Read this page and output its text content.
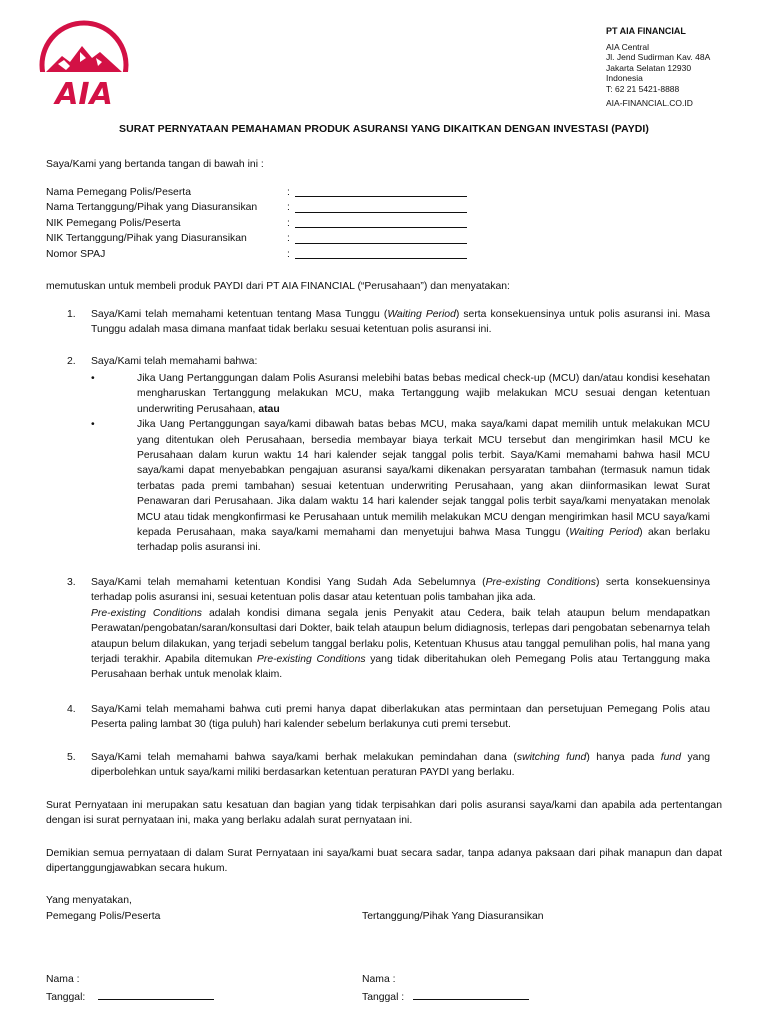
AIA
PT AIA FINANCIAL
AIA Central
Jl. Jend Sudirman Kav. 48A
Jakarta Selatan 12930
Indonesia
T: 62 21 5421-8888
AIA-FINANCIAL.CO.ID
SURAT PERNYATAAN PEMAHAMAN PRODUK ASURANSI YANG DIKAITKAN DENGAN INVESTASI (PAYDI)
Saya/Kami yang bertanda tangan di bawah ini :
Nama Pemegang Polis/Peserta	:
Nama Tertanggung/Pihak yang Diasuransikan	:
NIK Pemegang Polis/Peserta	:
NIK Tertanggung/Pihak yang Diasuransikan	:
Nomor SPAJ	:
memutuskan untuk membeli produk PAYDI dari PT AIA FINANCIAL (“Perusahaan”) dan menyatakan:
1. Saya/Kami telah memahami ketentuan tentang Masa Tunggu (Waiting Period) serta konsekuensinya untuk polis asuransi ini. Masa Tunggu adalah masa dimana manfaat tidak berlaku sesuai ketentuan polis asuransi ini.
2. Saya/Kami telah memahami bahwa:
•	Jika Uang Pertanggungan dalam Polis Asuransi melebihi batas bebas medical check-up (MCU) dan/atau kondisi kesehatan mengharuskan Tertanggung melakukan MCU, maka Tertanggung wajib melakukan MCU sesuai dengan ketentuan underwriting Perusahaan, atau
•	Jika Uang Pertanggungan saya/kami dibawah batas bebas MCU, maka saya/kami dapat memilih untuk melakukan MCU yang ditentukan oleh Perusahaan, bersedia membayar biaya terkait MCU tersebut dan mengirimkan hasil MCU ke Perusahaan dalam kurun waktu 14 hari kalender sejak tanggal polis terbit. Saya/Kami memahami bahwa hasil MCU saya/kami dapat menyebabkan pengajuan asuransi saya/kami dikenakan persyaratan tambahan (termasuk namun tidak terbatas pada premi tambahan) sesuai ketentuan underwriting Perusahaan, yang akan diinformasikan lewat Surat Penawaran dari Perusahaan. Jika dalam waktu 14 hari kalender sejak tanggal polis terbit saya/kami menyatakan menolak MCU atau tidak mengkonfirmasi ke Perusahaan untuk memilih melakukan MCU dengan mengirimkan hasil MCU saya/kami kepada Perusahaan, maka saya/kami memahami dan menyetujui bahwa Masa Tunggu (Waiting Period) akan berlaku terhadap polis asuransi ini.
3. Saya/Kami telah memahami ketentuan Kondisi Yang Sudah Ada Sebelumnya (Pre-existing Conditions) serta konsekuensinya terhadap polis asuransi ini, sesuai ketentuan polis dasar atau ketentuan polis tambahan jika ada.
Pre-existing Conditions adalah kondisi dimana segala jenis Penyakit atau Cedera, baik telah ataupun belum mendapatkan Perawatan/pengobatan/saran/konsultasi dari Dokter, baik telah ataupun belum didiagnosis, terlepas dari pengobatan sebenarnya telah ataupun belum dilakukan, yang terjadi sebelum tanggal berlaku polis, Ketentuan Khusus atau tanggal pemulihan polis, hal mana yang terjadi terakhir. Apabila ditemukan Pre-existing Conditions yang tidak diberitahukan oleh Pemegang Polis atau Tertanggung maka Perusahaan berhak untuk menolak klaim.
4. Saya/Kami telah memahami bahwa cuti premi hanya dapat diberlakukan atas permintaan dan persetujuan Pemegang Polis atau Peserta paling lambat 30 (tiga puluh) hari kalender sebelum berlakunya cuti premi tersebut.
5. Saya/Kami telah memahami bahwa saya/kami berhak melakukan pemindahan dana (switching fund) hanya pada fund yang diperbolehkan untuk saya/kami miliki berdasarkan ketentuan peraturan PAYDI yang berlaku.
Surat Pernyataan ini merupakan satu kesatuan dan bagian yang tidak terpisahkan dari polis asuransi saya/kami dan apabila ada pertentangan dengan isi surat pernyataan ini, maka yang berlaku adalah surat pernyataan ini.
Demikian semua pernyataan di dalam Surat Pernyataan ini saya/kami buat secara sadar, tanpa adanya paksaan dari pihak manapun dan dapat dipertanggungjawabkan secara hukum.
Yang menyatakan,
Pemegang Polis/Peserta	Tertanggung/Pihak Yang Diasuransikan
Nama :	Nama :
Tanggal:	Tanggal :
